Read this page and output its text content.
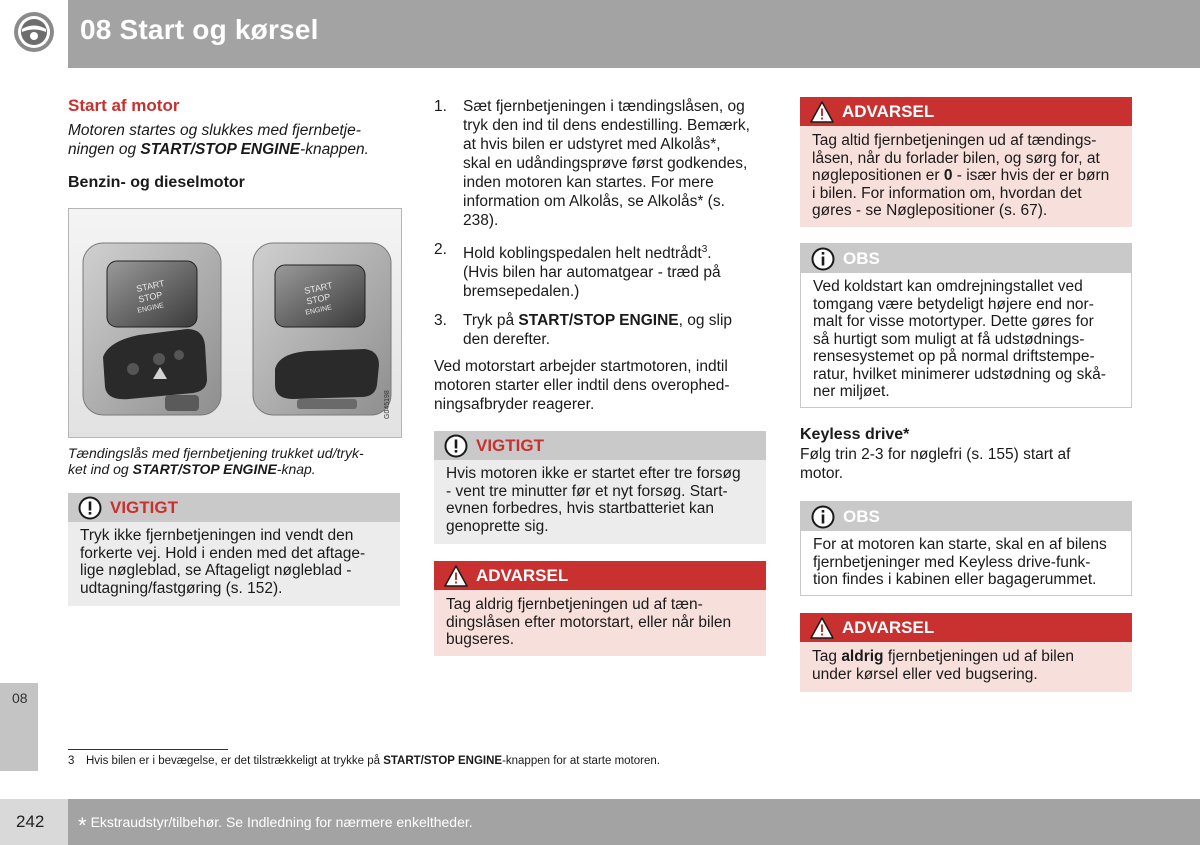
08 Start og kørsel
Start af motor
Motoren startes og slukkes med fjernbetje-
ningen og START/STOP ENGINE-knappen.
Benzin- og dieselmotor
START
STOP
ENGINE
START
STOP
ENGINE
G045198
Tændingslås med fjernbetjening trukket ud/tryk-
ket ind og START/STOP ENGINE-knap.
VIGTIGT
Tryk ikke fjernbetjeningen ind vendt den
forkerte vej. Hold i enden med det aftage-
lige nøgleblad, se Aftageligt nøgleblad -
udtagning/fastgøring (s. 152).
1. Sæt fjernbetjeningen i tændingslåsen, og
tryk den ind til dens endestilling. Bemærk,
at hvis bilen er udstyret med Alkolås*,
skal en udåndingsprøve først godkendes,
inden motoren kan startes. For mere
information om Alkolås, se Alkolås* (s.
238).
2. Hold koblingspedalen helt nedtrådt$^3$.
(Hvis bilen har automatgear - træd på
bremsepedalen.)
3. Tryk på START/STOP ENGINE, og slip
den derefter.
Ved motorstart arbejder startmotoren, indtil
motoren starter eller indtil dens overophed-
ningsafbryder reagerer.
VIGTIGT
Hvis motoren ikke er startet efter tre forsøg
- vent tre minutter før et nyt forsøg. Start-
evnen forbedres, hvis startbatteriet kan
genoprette sig.
ADVARSEL
Tag aldrig fjernbetjeningen ud af tæn-
dingslåsen efter motorstart, eller når bilen
bugseres.
ADVARSEL
Tag altid fjernbetjeningen ud af tændings-
låsen, når du forlader bilen, og sørg for, at
nøglepositionen er 0 - især hvis der er børn
i bilen. For information om, hvordan det
gøres - se Nøglepositioner (s. 67).
OBS
Ved koldstart kan omdrejningstallet ved
tomgang være betydeligt højere end nor-
malt for visse motortyper. Dette gøres for
så hurtigt som muligt at få udstødnings-
rensesystemet op på normal driftstempe-
ratur, hvilket minimerer udstødning og skå-
ner miljøet.
Keyless drive*
Følg trin 2-3 for nøglefri (s. 155) start af
motor.
OBS
For at motoren kan starte, skal en af bilens
fjernbetjeninger med Keyless drive-funk-
tion findes i kabinen eller bagagerummet.
ADVARSEL
Tag aldrig fjernbetjeningen ud af bilen
under kørsel eller ved bugsering.
08
3 Hvis bilen er i bevægelse, er det tilstrækkeligt at trykke på START/STOP ENGINE-knappen for at starte motoren.
242 * Ekstraudstyr/tilbehør. Se Indledning for nærmere enkeltheder.
